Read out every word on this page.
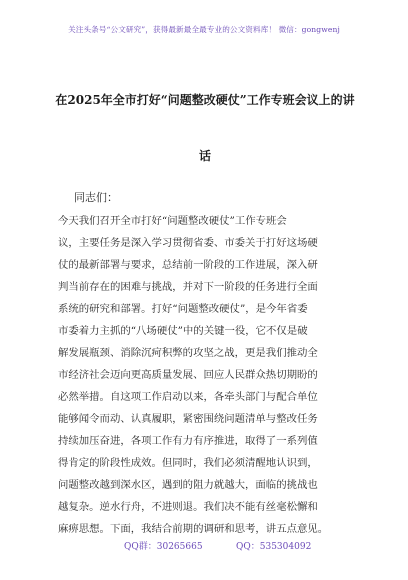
关注头条号“公文研究”，获得最新最全最专业的公文资料库！ 微信：gongwenj
在2025年全市打好“问题整改硬仗”工作专班会议上的讲
话
同志们：
今天我们召开全市打好“问题整改硬仗”工作专班会
议，主要任务是深入学习贯彻省委、市委关于打好这场硬
仗的最新部署与要求，总结前一阶段的工作进展，深入研
判当前存在的困难与挑战，并对下一阶段的任务进行全面
系统的研究和部署。打好“问题整改硬仗”，是今年省委
市委着力主抓的“八场硬仗”中的关键一役，它不仅是破
解发展瓶颈、消除沉疴积弊的攻坚之战，更是我们推动全
市经济社会迈向更高质量发展、回应人民群众热切期盼的
必然举措。自这项工作启动以来，各牵头部门与配合单位
能够闻令而动、认真履职，紧密围绕问题清单与整改任务
持续加压奋进，各项工作有力有序推进，取得了一系列值
得肯定的阶段性成效。但同时，我们必须清醒地认识到，
问题整改越到深水区，遇到的阻力就越大，面临的挑战也
越复杂。逆水行舟，不进则退。我们决不能有丝毫松懈和
麻痹思想。下面，我结合前期的调研和思考，讲五点意见。
QQ群：30265665	QQ：535304092
